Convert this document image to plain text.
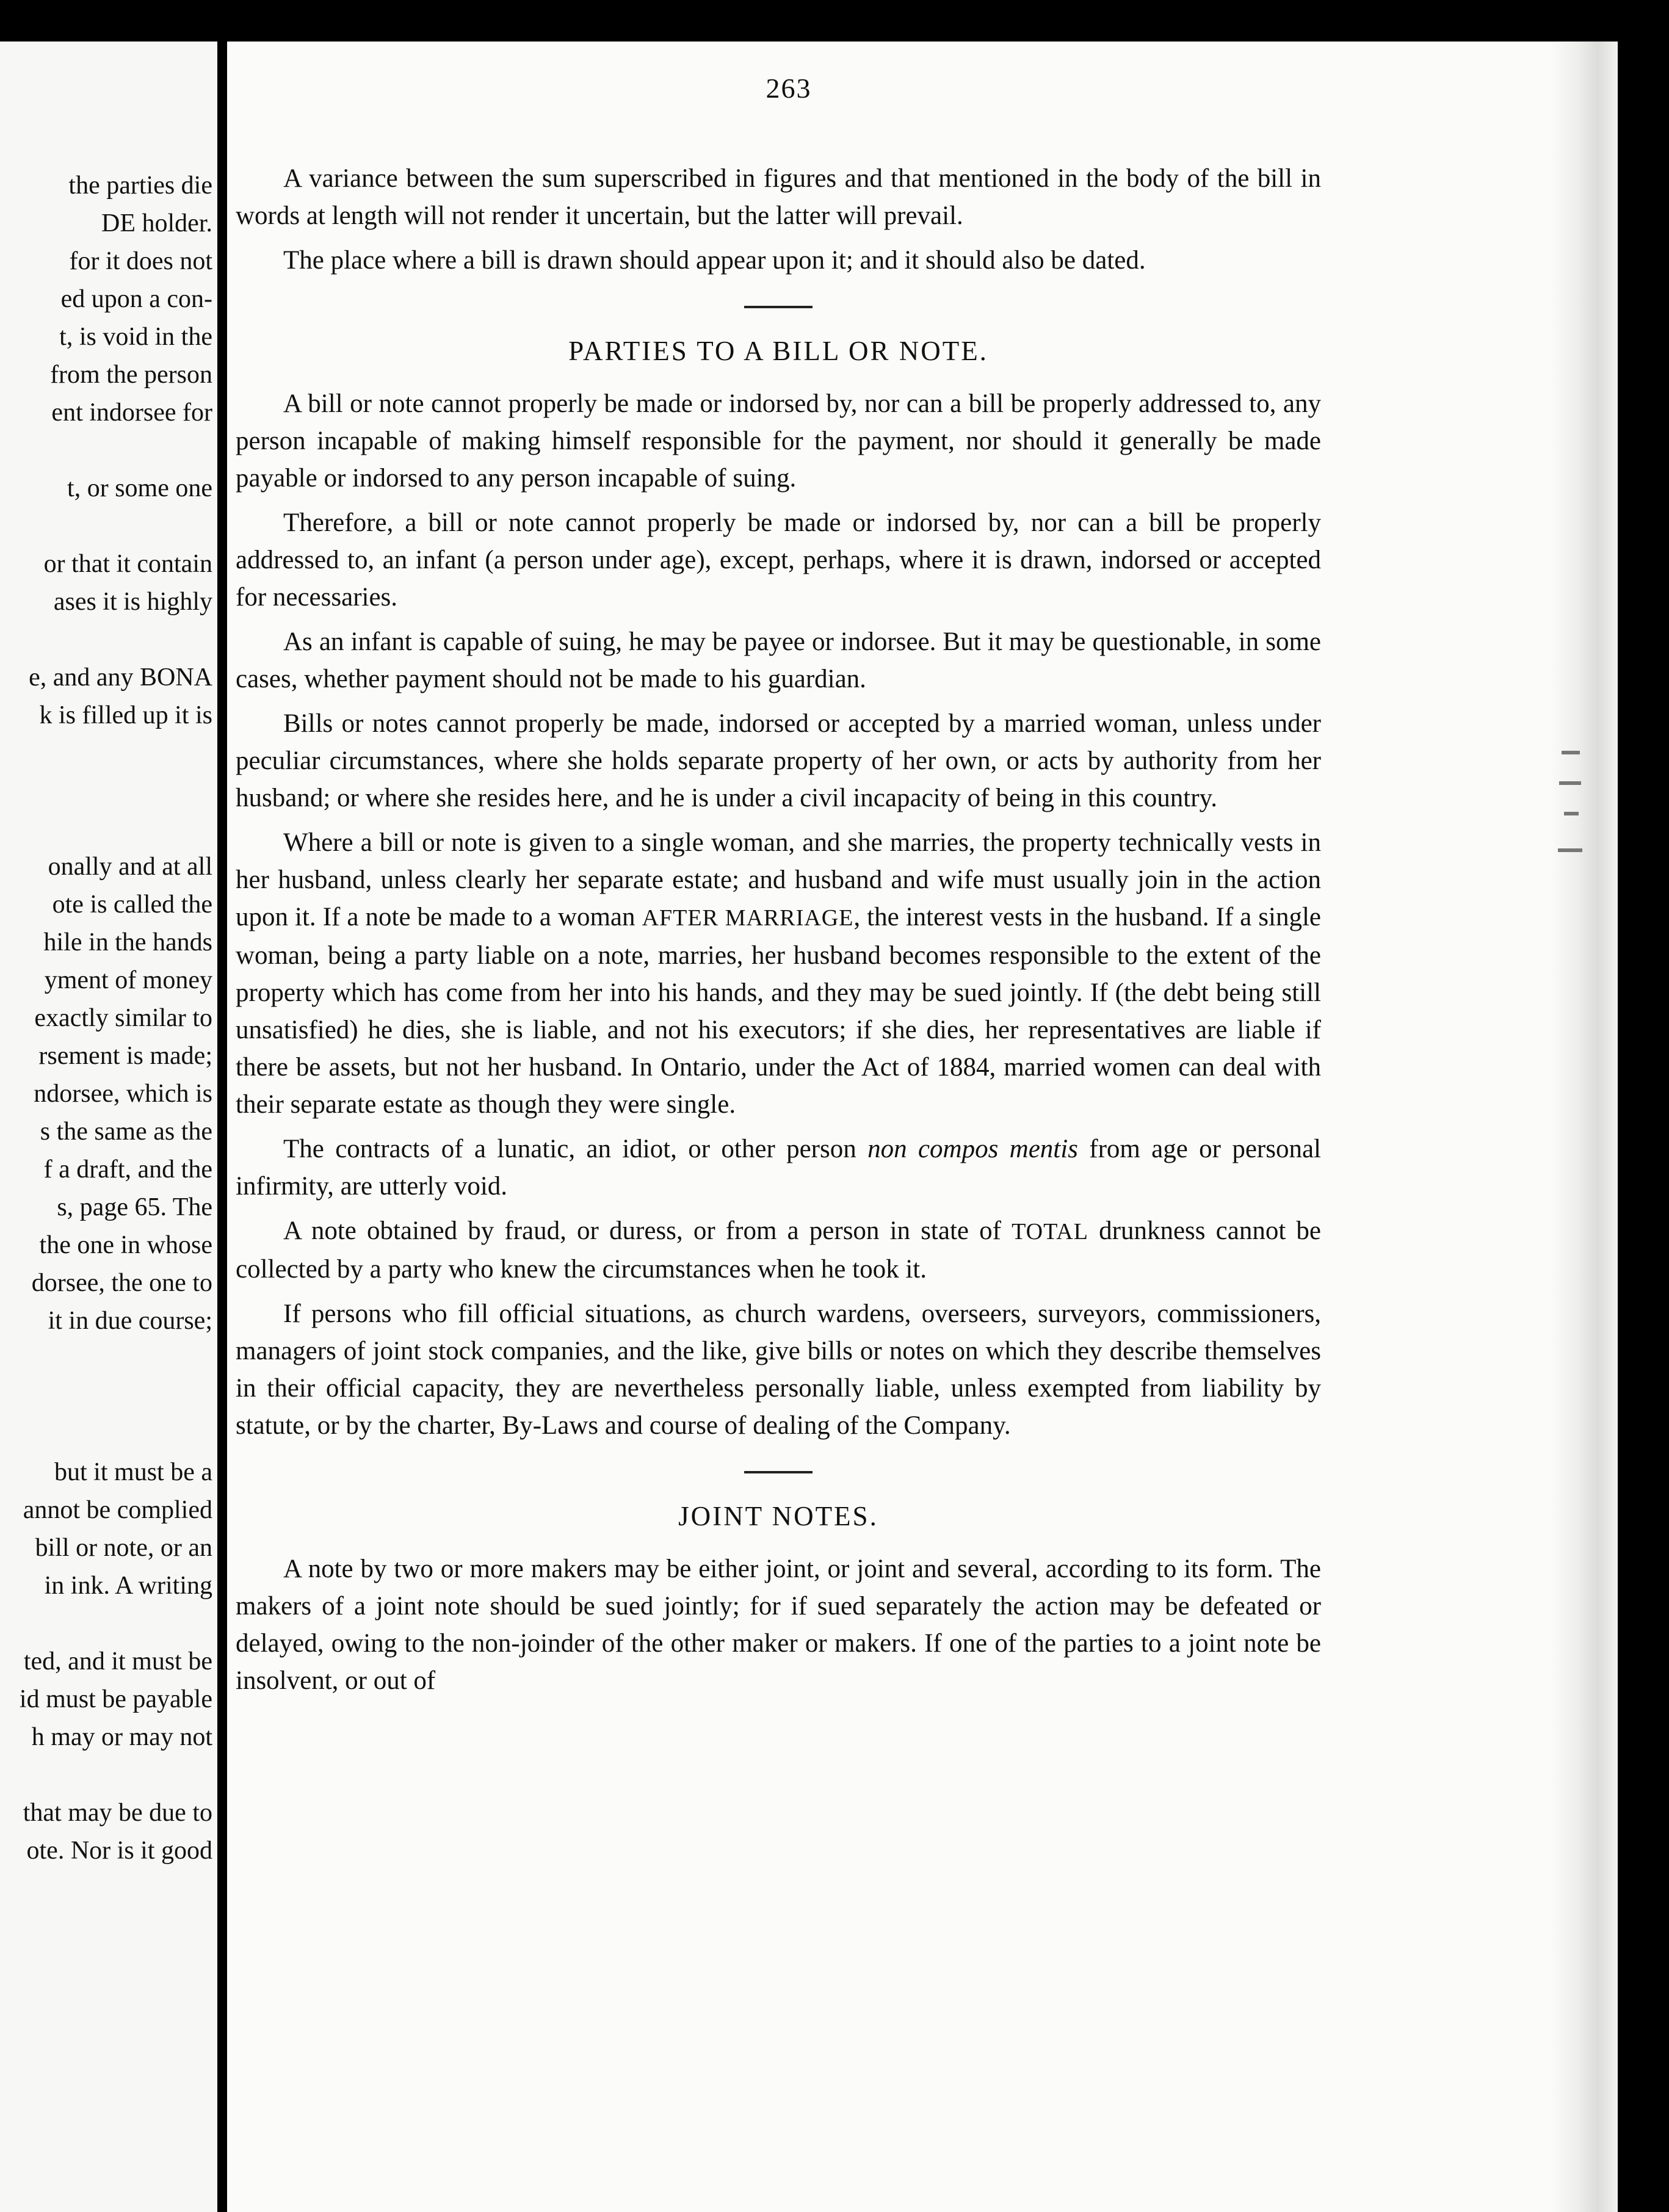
the parties die
DE holder.
for it does not
ed upon a con-
t, is void in the
from the person
ent indorsee for
t, or some one
or that it contain
ases it is highly
e, and any BONA
k is filled up it is
onally and at all
ote is called the
hile in the hands
yment of money
exactly similar to
rsement is made;
ndorsee, which is
s the same as the
f a draft, and the
s, page 65. The
the one in whose
dorsee, the one to
it in due course;
but it must be a
annot be complied
bill or note, or an
in ink. A writing
ted, and it must be
id must be payable
h may or may not
that may be due to
ote. Nor is it good
263

A variance between the sum superscribed in figures and that mentioned in the body of the bill in words at length will not render it uncertain, but the latter will prevail.

The place where a bill is drawn should appear upon it; and it should also be dated.

PARTIES TO A BILL OR NOTE.

A bill or note cannot properly be made or indorsed by, nor can a bill be properly addressed to, any person incapable of making himself responsible for the payment, nor should it generally be made payable or indorsed to any person incapable of suing.

Therefore, a bill or note cannot properly be made or indorsed by, nor can a bill be properly addressed to, an infant (a person under age), except, perhaps, where it is drawn, indorsed or accepted for necessaries.

As an infant is capable of suing, he may be payee or indorsee. But it may be questionable, in some cases, whether payment should not be made to his guardian.

Bills or notes cannot properly be made, indorsed or accepted by a married woman, unless under peculiar circumstances, where she holds separate property of her own, or acts by authority from her husband; or where she resides here, and he is under a civil incapacity of being in this country.

Where a bill or note is given to a single woman, and she marries, the property technically vests in her husband, unless clearly her separate estate; and husband and wife must usually join in the action upon it. If a note be made to a woman AFTER MARRIAGE, the interest vests in the husband. If a single woman, being a party liable on a note, marries, her husband becomes responsible to the extent of the property which has come from her into his hands, and they may be sued jointly. If (the debt being still unsatisfied) he dies, she is liable, and not his executors; if she dies, her representatives are liable if there be assets, but not her husband. In Ontario, under the Act of 1884, married women can deal with their separate estate as though they were single.

The contracts of a lunatic, an idiot, or other person non compos mentis from age or personal infirmity, are utterly void.

A note obtained by fraud, or duress, or from a person in state of TOTAL drunkness cannot be collected by a party who knew the circumstances when he took it.

If persons who fill official situations, as church wardens, overseers, surveyors, commissioners, managers of joint stock companies, and the like, give bills or notes on which they describe themselves in their official capacity, they are nevertheless personally liable, unless exempted from liability by statute, or by the charter, By-Laws and course of dealing of the Company.

JOINT NOTES.

A note by two or more makers may be either joint, or joint and several, according to its form. The makers of a joint note should be sued jointly; for if sued separately the action may be defeated or delayed, owing to the non-joinder of the other maker or makers. If one of the parties to a joint note be insolvent, or out of
